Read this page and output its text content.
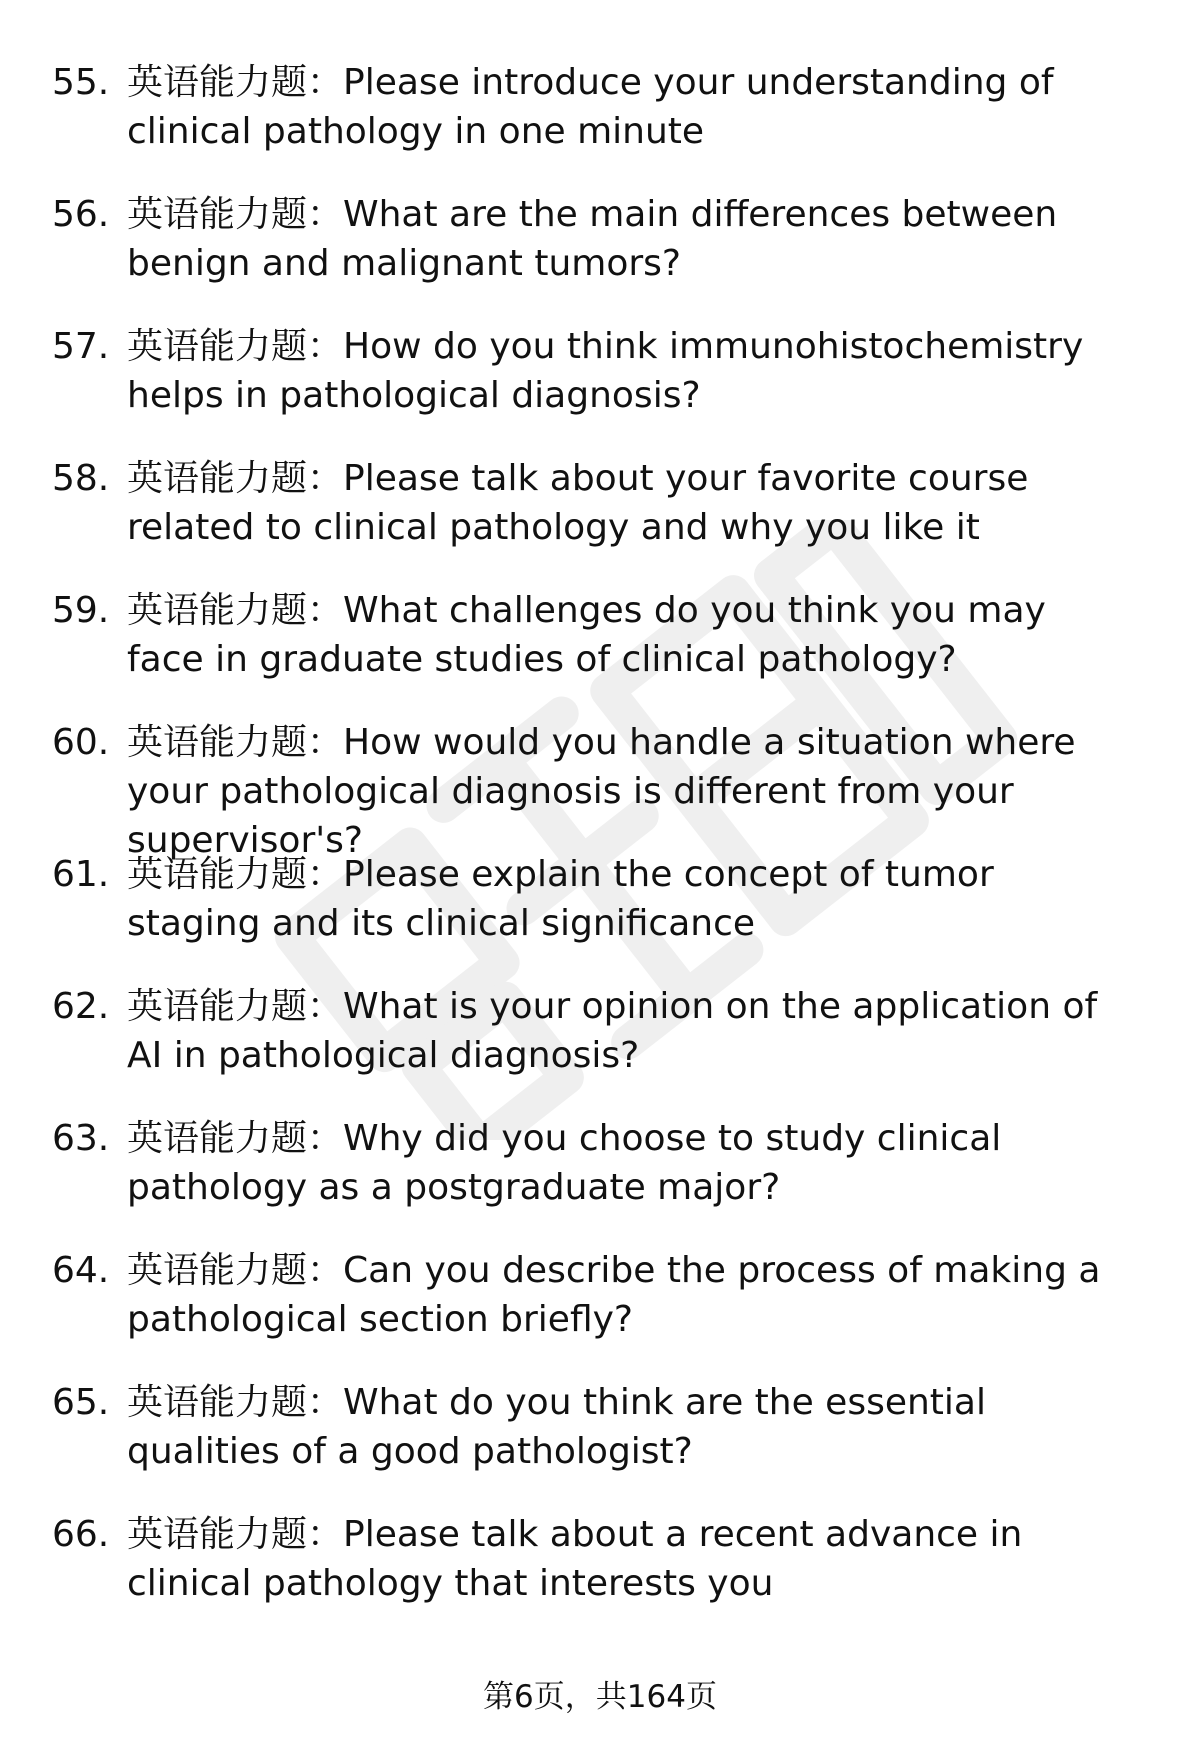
55. 英语能力题：Please introduce your understanding of clinical pathology in one minute
56. 英语能力题：What are the main differences between benign and malignant tumors?
57. 英语能力题：How do you think immunohistochemistry helps in pathological diagnosis?
58. 英语能力题：Please talk about your favorite course related to clinical pathology and why you like it
59. 英语能力题：What challenges do you think you may face in graduate studies of clinical pathology?
60. 英语能力题：How would you handle a situation where your pathological diagnosis is different from your supervisor's?
61. 英语能力题：Please explain the concept of tumor staging and its clinical significance
62. 英语能力题：What is your opinion on the application of AI in pathological diagnosis?
63. 英语能力题：Why did you choose to study clinical pathology as a postgraduate major?
64. 英语能力题：Can you describe the process of making a pathological section briefly?
65. 英语能力题：What do you think are the essential qualities of a good pathologist?
66. 英语能力题：Please talk about a recent advance in clinical pathology that interests you
第6页，共164页
